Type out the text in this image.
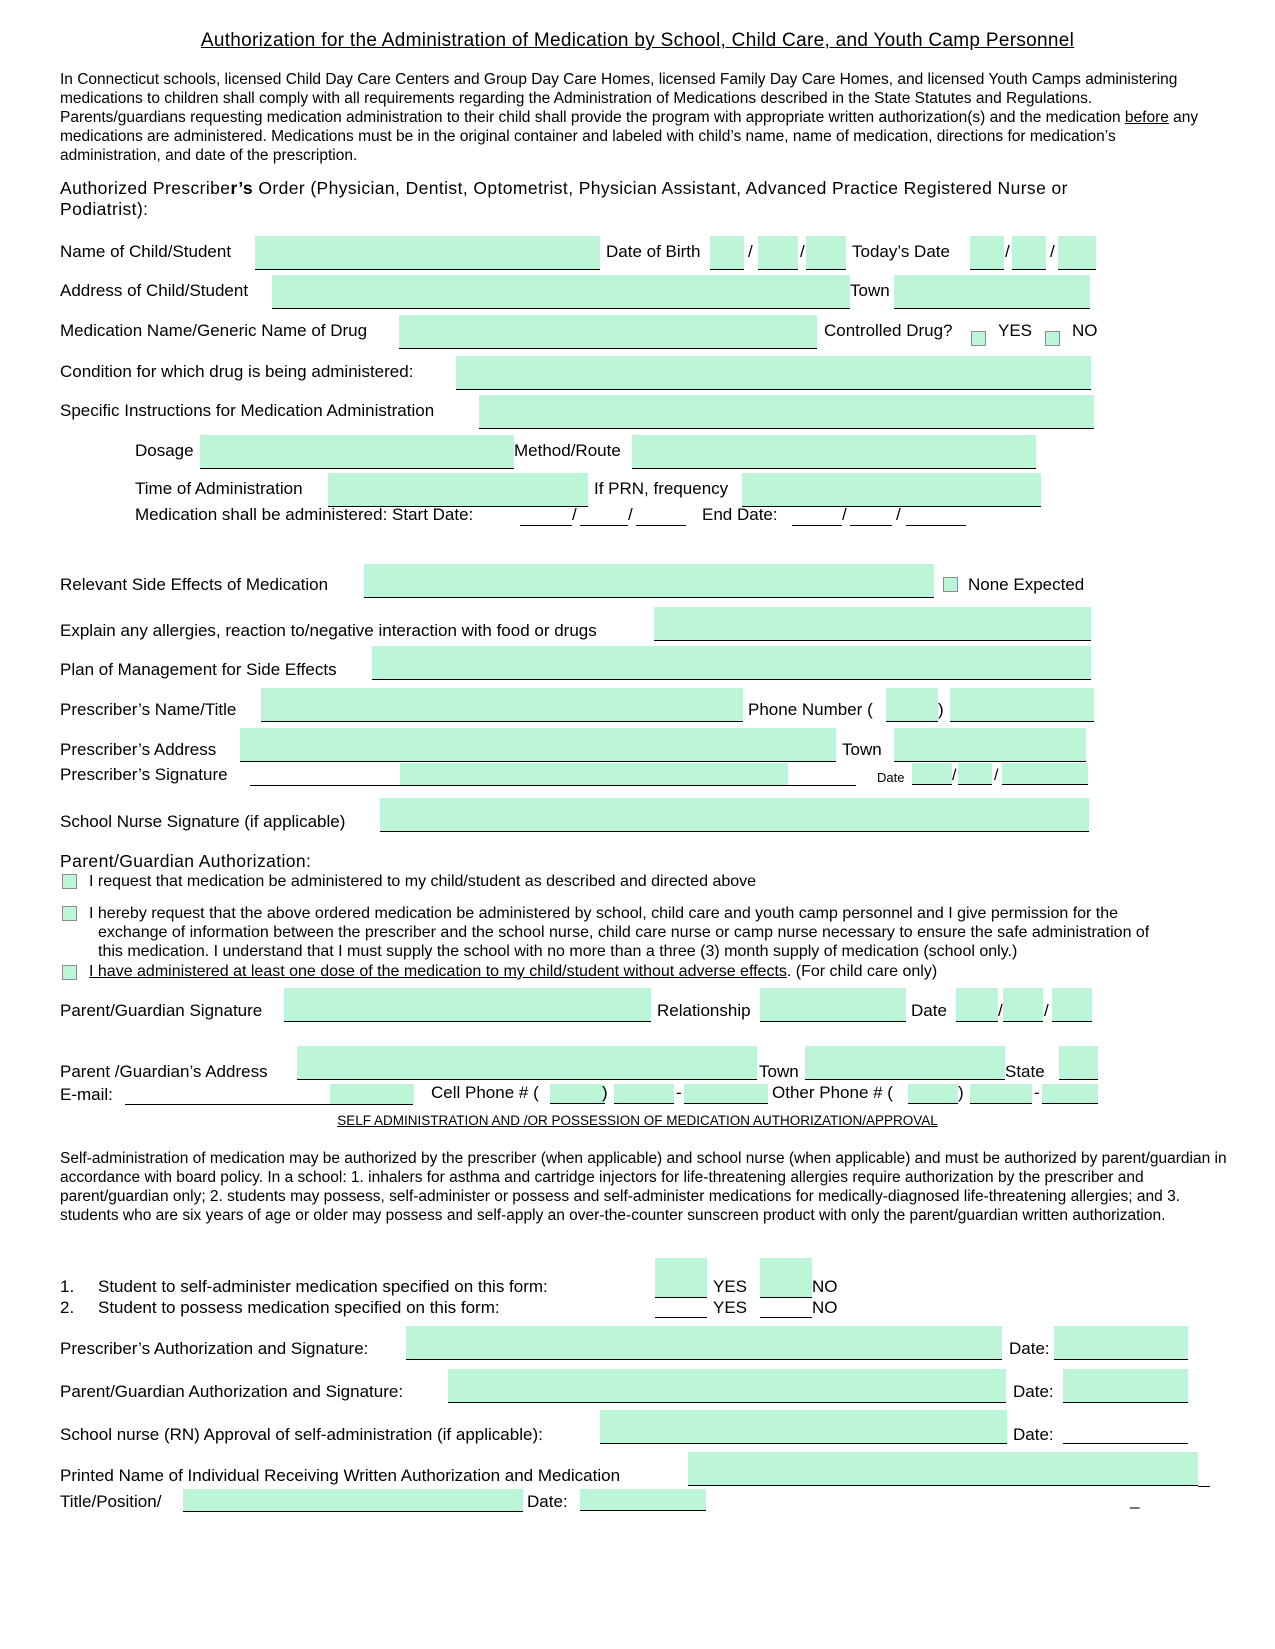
Authorization for the Administration of Medication by School, Child Care, and Youth Camp Personnel
In Connecticut schools, licensed Child Day Care Centers and Group Day Care Homes, licensed Family Day Care Homes, and licensed Youth Camps administering medications to children shall comply with all requirements regarding the Administration of Medications described in the State Statutes and Regulations. Parents/guardians requesting medication administration to their child shall provide the program with appropriate written authorization(s) and the medication before any medications are administered. Medications must be in the original container and labeled with child’s name, name of medication, directions for medication’s administration, and date of the prescription.
Authorized Prescriber’s Order (Physician, Dentist, Optometrist, Physician Assistant, Advanced Practice Registered Nurse or
Podiatrist):
Name of Child/Student	Date of Birth	/	/	Today’s Date	/ /
Address of Child/Student	Town
Medication Name/Generic Name of Drug	Controlled Drug?	YES NO
Condition for which drug is being administered:
Specific Instructions for Medication Administration
Dosage	Method/Route
Time of Administration	If PRN, frequency
Medication shall be administered: Start Date:	/	/	End Date:	/	/
Relevant Side Effects of Medication	None Expected
Explain any allergies, reaction to/negative interaction with food or drugs
Plan of Management for Side Effects
Prescriber’s Name/Title	Phone Number (	)
Prescriber’s Address	Town
Prescriber’s Signature	Date	/ /
School Nurse Signature (if applicable)
Parent/Guardian Authorization:
I request that medication be administered to my child/student as described and directed above
I hereby request that the above ordered medication be administered by school, child care and youth camp personnel and I give permission for the
exchange of information between the prescriber and the school nurse, child care nurse or camp nurse necessary to ensure the safe administration of
this medication. I understand that I must supply the school with no more than a three (3) month supply of medication (school only.)
I have administered at least one dose of the medication to my child/student without adverse effects. (For child care only)
Parent/Guardian Signature	Relationship	Date	/ /
Parent /Guardian’s Address	Town	State
E-mail:	Cell Phone # (	)	-	Other Phone # (	)	-
SELF ADMINISTRATION AND /OR POSSESSION OF MEDICATION AUTHORIZATION/APPROVAL
Self-administration of medication may be authorized by the prescriber (when applicable) and school nurse (when applicable) and must be authorized by parent/guardian in accordance with board policy. In a school: 1. inhalers for asthma and cartridge injectors for life-threatening allergies require authorization by the prescriber and parent/guardian only; 2. students may possess, self-administer or possess and self-administer medications for medically-diagnosed life-threatening allergies; and 3. students who are six years of age or older may possess and self-apply an over-the-counter sunscreen product with only the parent/guardian written authorization.
1. Student to self-administer medication specified on this form:	YES	NO
2. Student to possess medication specified on this form:	YES	NO
Prescriber’s Authorization and Signature:	Date:
Parent/Guardian Authorization and Signature:	Date:
School nurse (RN) Approval of self-administration (if applicable):	Date:
Printed Name of Individual Receiving Written Authorization and Medication
Title/Position/	Date:	_
